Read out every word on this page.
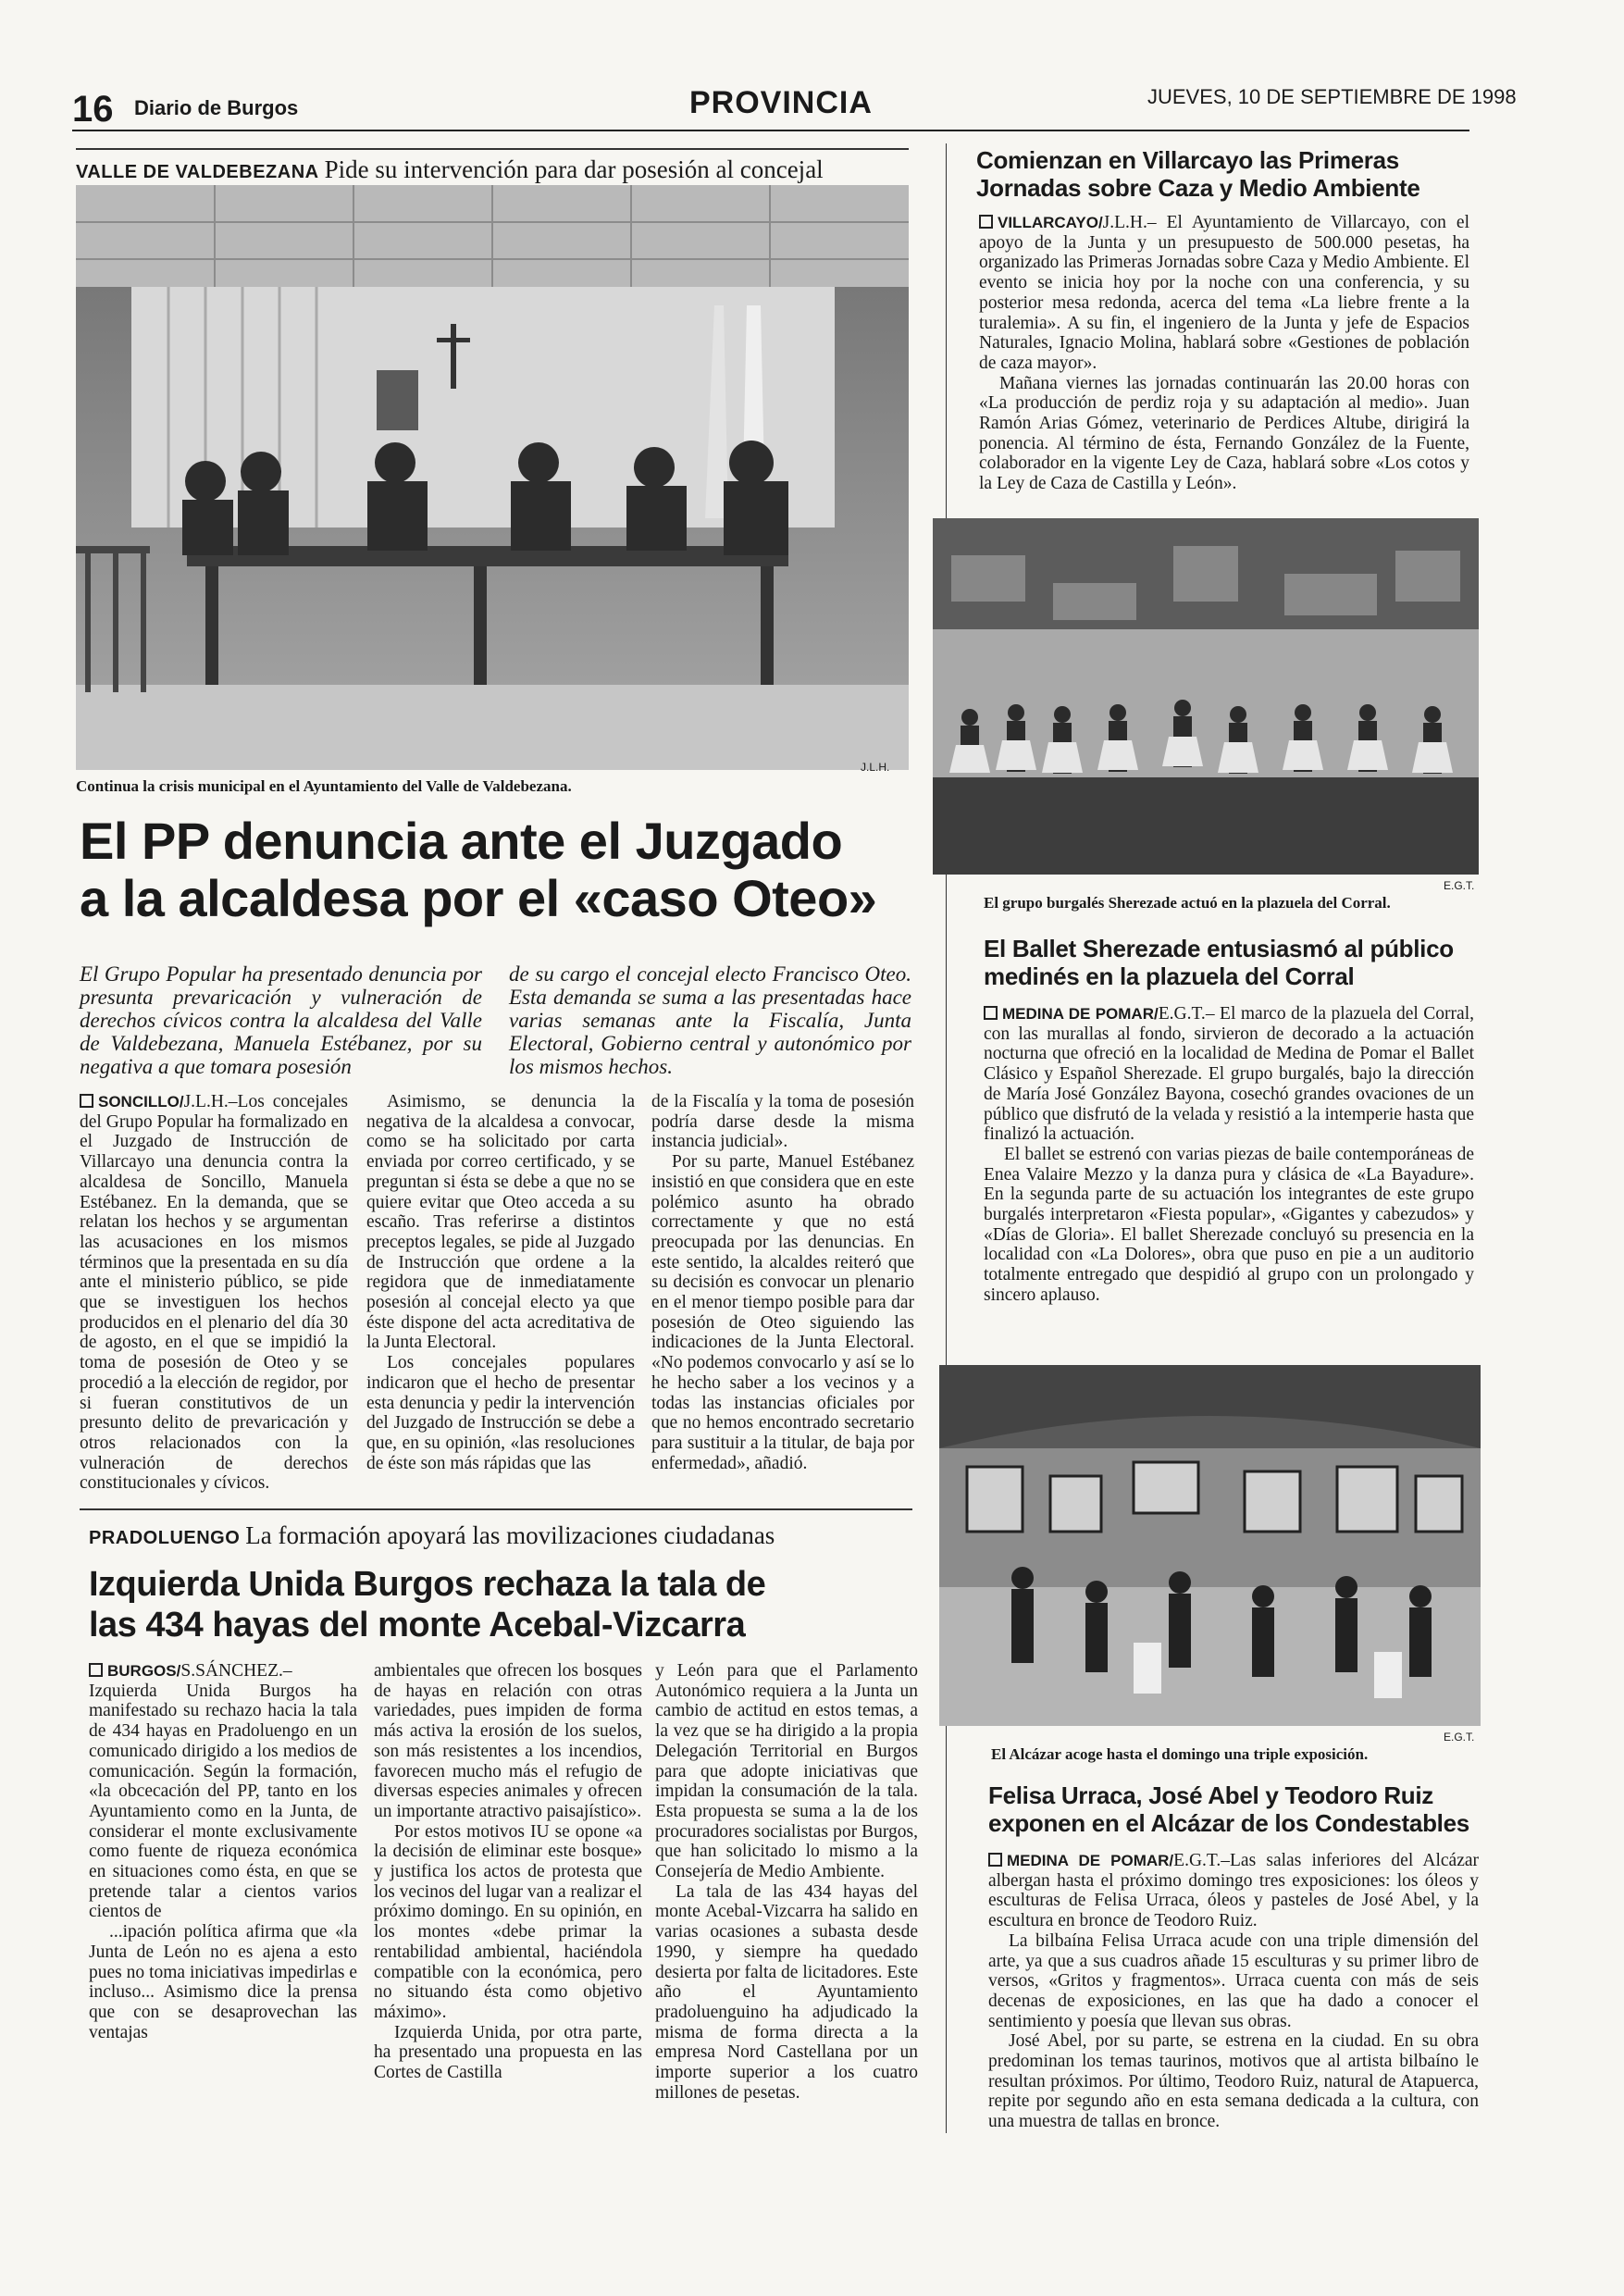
16 Diario de Burgos	PROVINCIA	JUEVES, 10 DE SEPTIEMBRE DE 1998
VALLE DE VALDEBEZANA Pide su intervención para dar posesión al concejal
Continua la crisis municipal en el Ayuntamiento del Valle de Valdebezana.
J.L.H.
El PP denuncia ante el Juzgado
a la alcaldesa por el «caso Oteo»
El Grupo Popular ha presentado denuncia por presunta prevaricación y vulneración de derechos cívicos contra la alcaldesa del Valle de Valdebezana, Manuela Estébanez, por su negativa a que tomara posesión
de su cargo el concejal electo Francisco Oteo. Esta demanda se suma a las presentadas hace varias semanas ante la Fiscalía, Junta Electoral, Gobierno central y autonómico por los mismos hechos.

SONCILLO/J.L.H.–Los concejales del Grupo Popular ha formalizado en el Juzgado de Instrucción de Villarcayo una denuncia contra la alcaldesa de Soncillo, Manuela Estébanez. En la demanda, que se relatan los hechos y se argumentan las acusaciones en los mismos términos que la presentada en su día ante el ministerio público, se pide que se investiguen los hechos producidos en el plenario del día 30 de agosto, en el que se impidió la toma de posesión de Oteo y se procedió a la elección de regidor, por si fueran constitutivos de un presunto delito de prevaricación y otros relacionados con la vulneración de derechos constitucionales y cívicos.

Asimismo, se denuncia la negativa de la alcaldesa a convocar, como se ha solicitado por carta enviada por correo certificado, y se preguntan si ésta se debe a que no se quiere evitar que Oteo acceda a su escaño. Tras referirse a distintos preceptos legales, se pide al Juzgado de Instrucción que ordene a la regidora que de inmediatamente posesión al concejal electo ya que éste dispone del acta acreditativa de la Junta Electoral.

Los concejales populares indicaron que el hecho de presentar esta denuncia y pedir la intervención del Juzgado de Instrucción se debe a que, en su opinión, «las resoluciones de éste son más rápidas que las

de la Fiscalía y la toma de posesión podría darse desde la misma instancia judicial».

Por su parte, Manuel Estébanez insistió en que considera que en este polémico asunto ha obrado correctamente y que no está preocupada por las denuncias. En este sentido, la alcaldes reiteró que su decisión es convocar un plenario en el menor tiempo posible para dar posesión de Oteo siguiendo las indicaciones de la Junta Electoral. «No podemos convocarlo y así se lo he hecho saber a los vecinos y a todas las instancias oficiales por que no hemos encontrado secretario para sustituir a la titular, de baja por enfermedad», añadió.

PRADOLUENGO La formación apoyará las movilizaciones ciudadanas
Izquierda Unida Burgos rechaza la tala de
las 434 hayas del monte Acebal-Vizcarra

BURGOS/S.SÁNCHEZ.–Izquierda Unida Burgos ha manifestado su rechazo hacia la tala de 434 hayas en Pradoluengo en un comunicado dirigido a los medios de comunicación. Según la formación, «la obcecación del PP, tanto en los Ayuntamiento como en la Junta, de considerar el monte exclusivamente como fuente de riqueza económica en situaciones como ésta, en que se pretende talar a cientos varios cientos de

...ipación política afirma que «la Junta de León no es ajena a esto pues no toma iniciativas impedirlas e incluso... Asimismo dice la prensa que con se desaprovechan las ventajas

ambientales que ofrecen los bosques de hayas en relación con otras variedades, pues impiden de forma más activa la erosión de los suelos, son más resistentes a los incendios, favorecen mucho más el refugio de diversas especies animales y ofrecen un importante atractivo paisajístico».

Por estos motivos IU se opone «a la decisión de eliminar este bosque» y justifica los actos de protesta que los vecinos del lugar van a realizar el próximo domingo. En su opinión, en los montes «debe primar la rentabilidad ambiental, haciéndola compatible con la económica, pero no situando ésta como objetivo máximo».

Izquierda Unida, por otra parte, ha presentado una propuesta en las Cortes de Castilla

y León para que el Parlamento Autonómico requiera a la Junta un cambio de actitud en estos temas, a la vez que se ha dirigido a la propia Delegación Territorial en Burgos para que adopte iniciativas que impidan la consumación de la tala. Esta propuesta se suma a la de los procuradores socialistas por Burgos, que han solicitado lo mismo a la Consejería de Medio Ambiente.

La tala de las 434 hayas del monte Acebal-Vizcarra ha salido en varias ocasiones a subasta desde 1990, y siempre ha quedado desierta por falta de licitadores. Este año el Ayuntamiento pradoluenguino ha adjudicado la misma de forma directa a la empresa Nord Castellana por un importe superior a los cuatro millones de pesetas.

Comienzan en Villarcayo las Primeras
Jornadas sobre Caza y Medio Ambiente

VILLARCAYO/J.L.H.– El Ayuntamiento de Villarcayo, con el apoyo de la Junta y un presupuesto de 500.000 pesetas, ha organizado las Primeras Jornadas sobre Caza y Medio Ambiente. El evento se inicia hoy por la noche con una conferencia, y su posterior mesa redonda, acerca del tema «La liebre frente a la turalemia». A su fin, el ingeniero de la Junta y jefe de Espacios Naturales, Ignacio Molina, hablará sobre «Gestiones de población de caza mayor».

Mañana viernes las jornadas continuarán las 20.00 horas con «La producción de perdiz roja y su adaptación al medio». Juan Ramón Arias Gómez, veterinario de Perdices Altube, dirigirá la ponencia. Al término de ésta, Fernando González de la Fuente, colaborador en la vigente Ley de Caza, hablará sobre «Los cotos y la Ley de Caza de Castilla y León».

E.G.T.
El grupo burgalés Sherezade actuó en la plazuela del Corral.
El Ballet Sherezade entusiasmó al público
medinés en la plazuela del Corral

MEDINA DE POMAR/E.G.T.– El marco de la plazuela del Corral, con las murallas al fondo, sirvieron de decorado a la actuación nocturna que ofreció en la localidad de Medina de Pomar el Ballet Clásico y Español Sherezade. El grupo burgalés, bajo la dirección de María José González Bayona, cosechó grandes ovaciones de un público que disfrutó de la velada y resistió a la intemperie hasta que finalizó la actuación.

El ballet se estrenó con varias piezas de baile contemporáneas de Enea Valaire Mezzo y la danza pura y clásica de «La Bayadure». En la segunda parte de su actuación los integrantes de este grupo burgalés interpretaron «Fiesta popular», «Gigantes y cabezudos» y «Días de Gloria». El ballet Sherezade concluyó su presencia en la localidad con «La Dolores», obra que puso en pie a un auditorio totalmente entregado que despidió al grupo con un prolongado y sincero aplauso.

E.G.T.
El Alcázar acoge hasta el domingo una triple exposición.
Felisa Urraca, José Abel y Teodoro Ruiz
exponen en el Alcázar de los Condestables

MEDINA DE POMAR/E.G.T.–Las salas inferiores del Alcázar albergan hasta el próximo domingo tres exposiciones: los óleos y esculturas de Felisa Urraca, óleos y pasteles de José Abel, y la escultura en bronce de Teodoro Ruiz.

La bilbaína Felisa Urraca acude con una triple dimensión del arte, ya que a sus cuadros añade 15 esculturas y su primer libro de versos, «Gritos y fragmentos». Urraca cuenta con más de seis decenas de exposiciones, en las que ha dado a conocer el sentimiento y poesía que llevan sus obras.

José Abel, por su parte, se estrena en la ciudad. En su obra predominan los temas taurinos, motivos que al artista bilbaíno le resultan próximos. Por último, Teodoro Ruiz, natural de Atapuerca, repite por segundo año en esta semana dedicada a la cultura, con una muestra de tallas en bronce.
